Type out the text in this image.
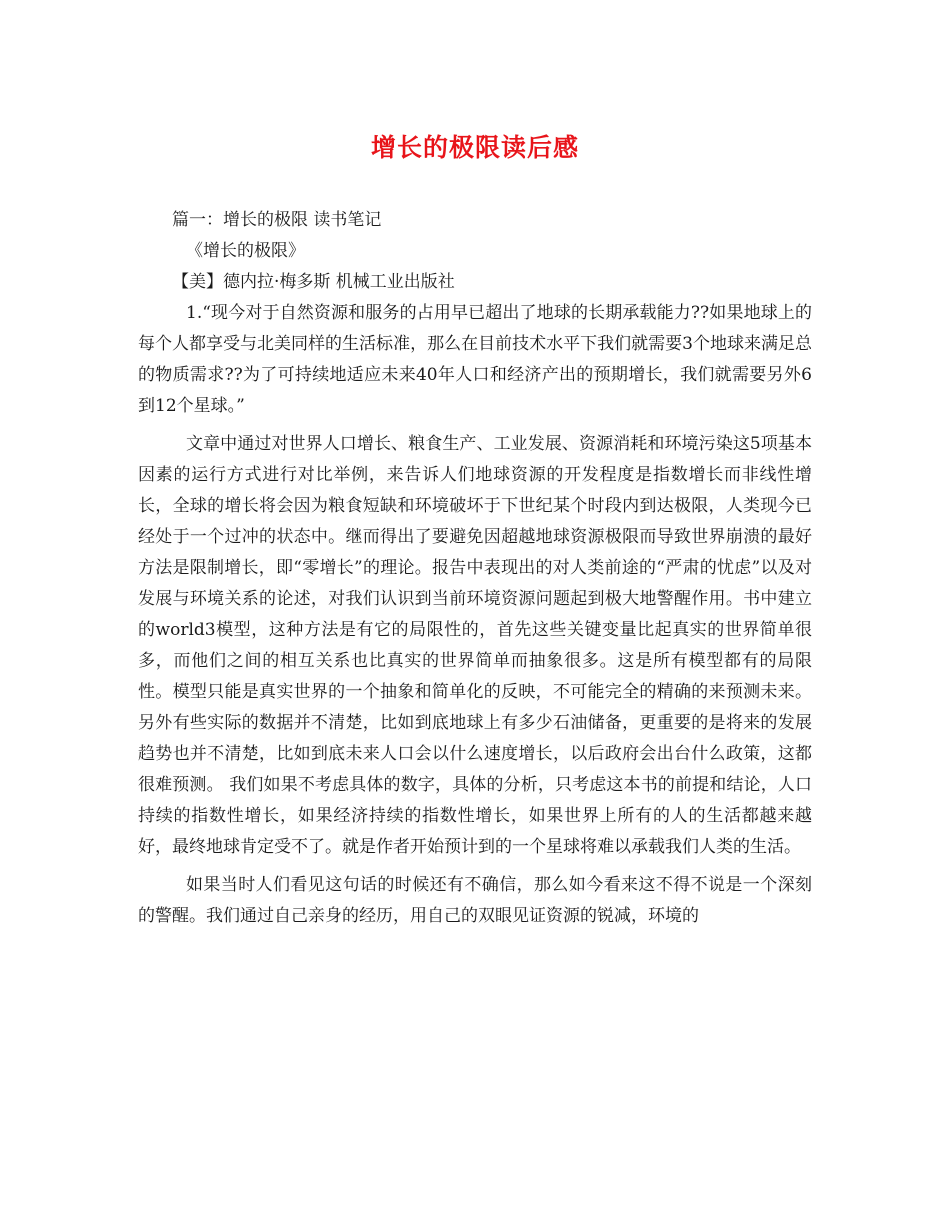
增长的极限读后感

篇一：增长的极限 读书笔记

《增长的极限》

【美】德内拉·梅多斯 机械工业出版社

1.“现今对于自然资源和服务的占用早已超出了地球的长期承载能力??如果地球上的每个人都享受与北美同样的生活标准，那么在目前技术水平下我们就需要3个地球来满足总的物质需求??为了可持续地适应未来40年人口和经济产出的预期增长，我们就需要另外6到12个星球。”

文章中通过对世界人口增长、粮食生产、工业发展、资源消耗和环境污染这5项基本因素的运行方式进行对比举例，来告诉人们地球资源的开发程度是指数增长而非线性增长，全球的增长将会因为粮食短缺和环境破坏于下世纪某个时段内到达极限，人类现今已经处于一个过冲的状态中。继而得出了要避免因超越地球资源极限而导致世界崩溃的最好方法是限制增长，即“零增长”的理论。报告中表现出的对人类前途的“严肃的忧虑”以及对发展与环境关系的论述，对我们认识到当前环境资源问题起到极大地警醒作用。书中建立的world3模型，这种方法是有它的局限性的，首先这些关键变量比起真实的世界简单很多，而他们之间的相互关系也比真实的世界简单而抽象很多。这是所有模型都有的局限性。模型只能是真实世界的一个抽象和简单化的反映，不可能完全的精确的来预测未来。另外有些实际的数据并不清楚，比如到底地球上有多少石油储备，更重要的是将来的发展趋势也并不清楚，比如到底未来人口会以什么速度增长，以后政府会出台什么政策，这都很难预测。 我们如果不考虑具体的数字，具体的分析，只考虑这本书的前提和结论，人口持续的指数性增长，如果经济持续的指数性增长，如果世界上所有的人的生活都越来越好，最终地球肯定受不了。就是作者开始预计到的一个星球将难以承载我们人类的生活。

如果当时人们看见这句话的时候还有不确信，那么如今看来这不得不说是一个深刻的警醒。我们通过自己亲身的经历，用自己的双眼见证资源的锐减，环境的
